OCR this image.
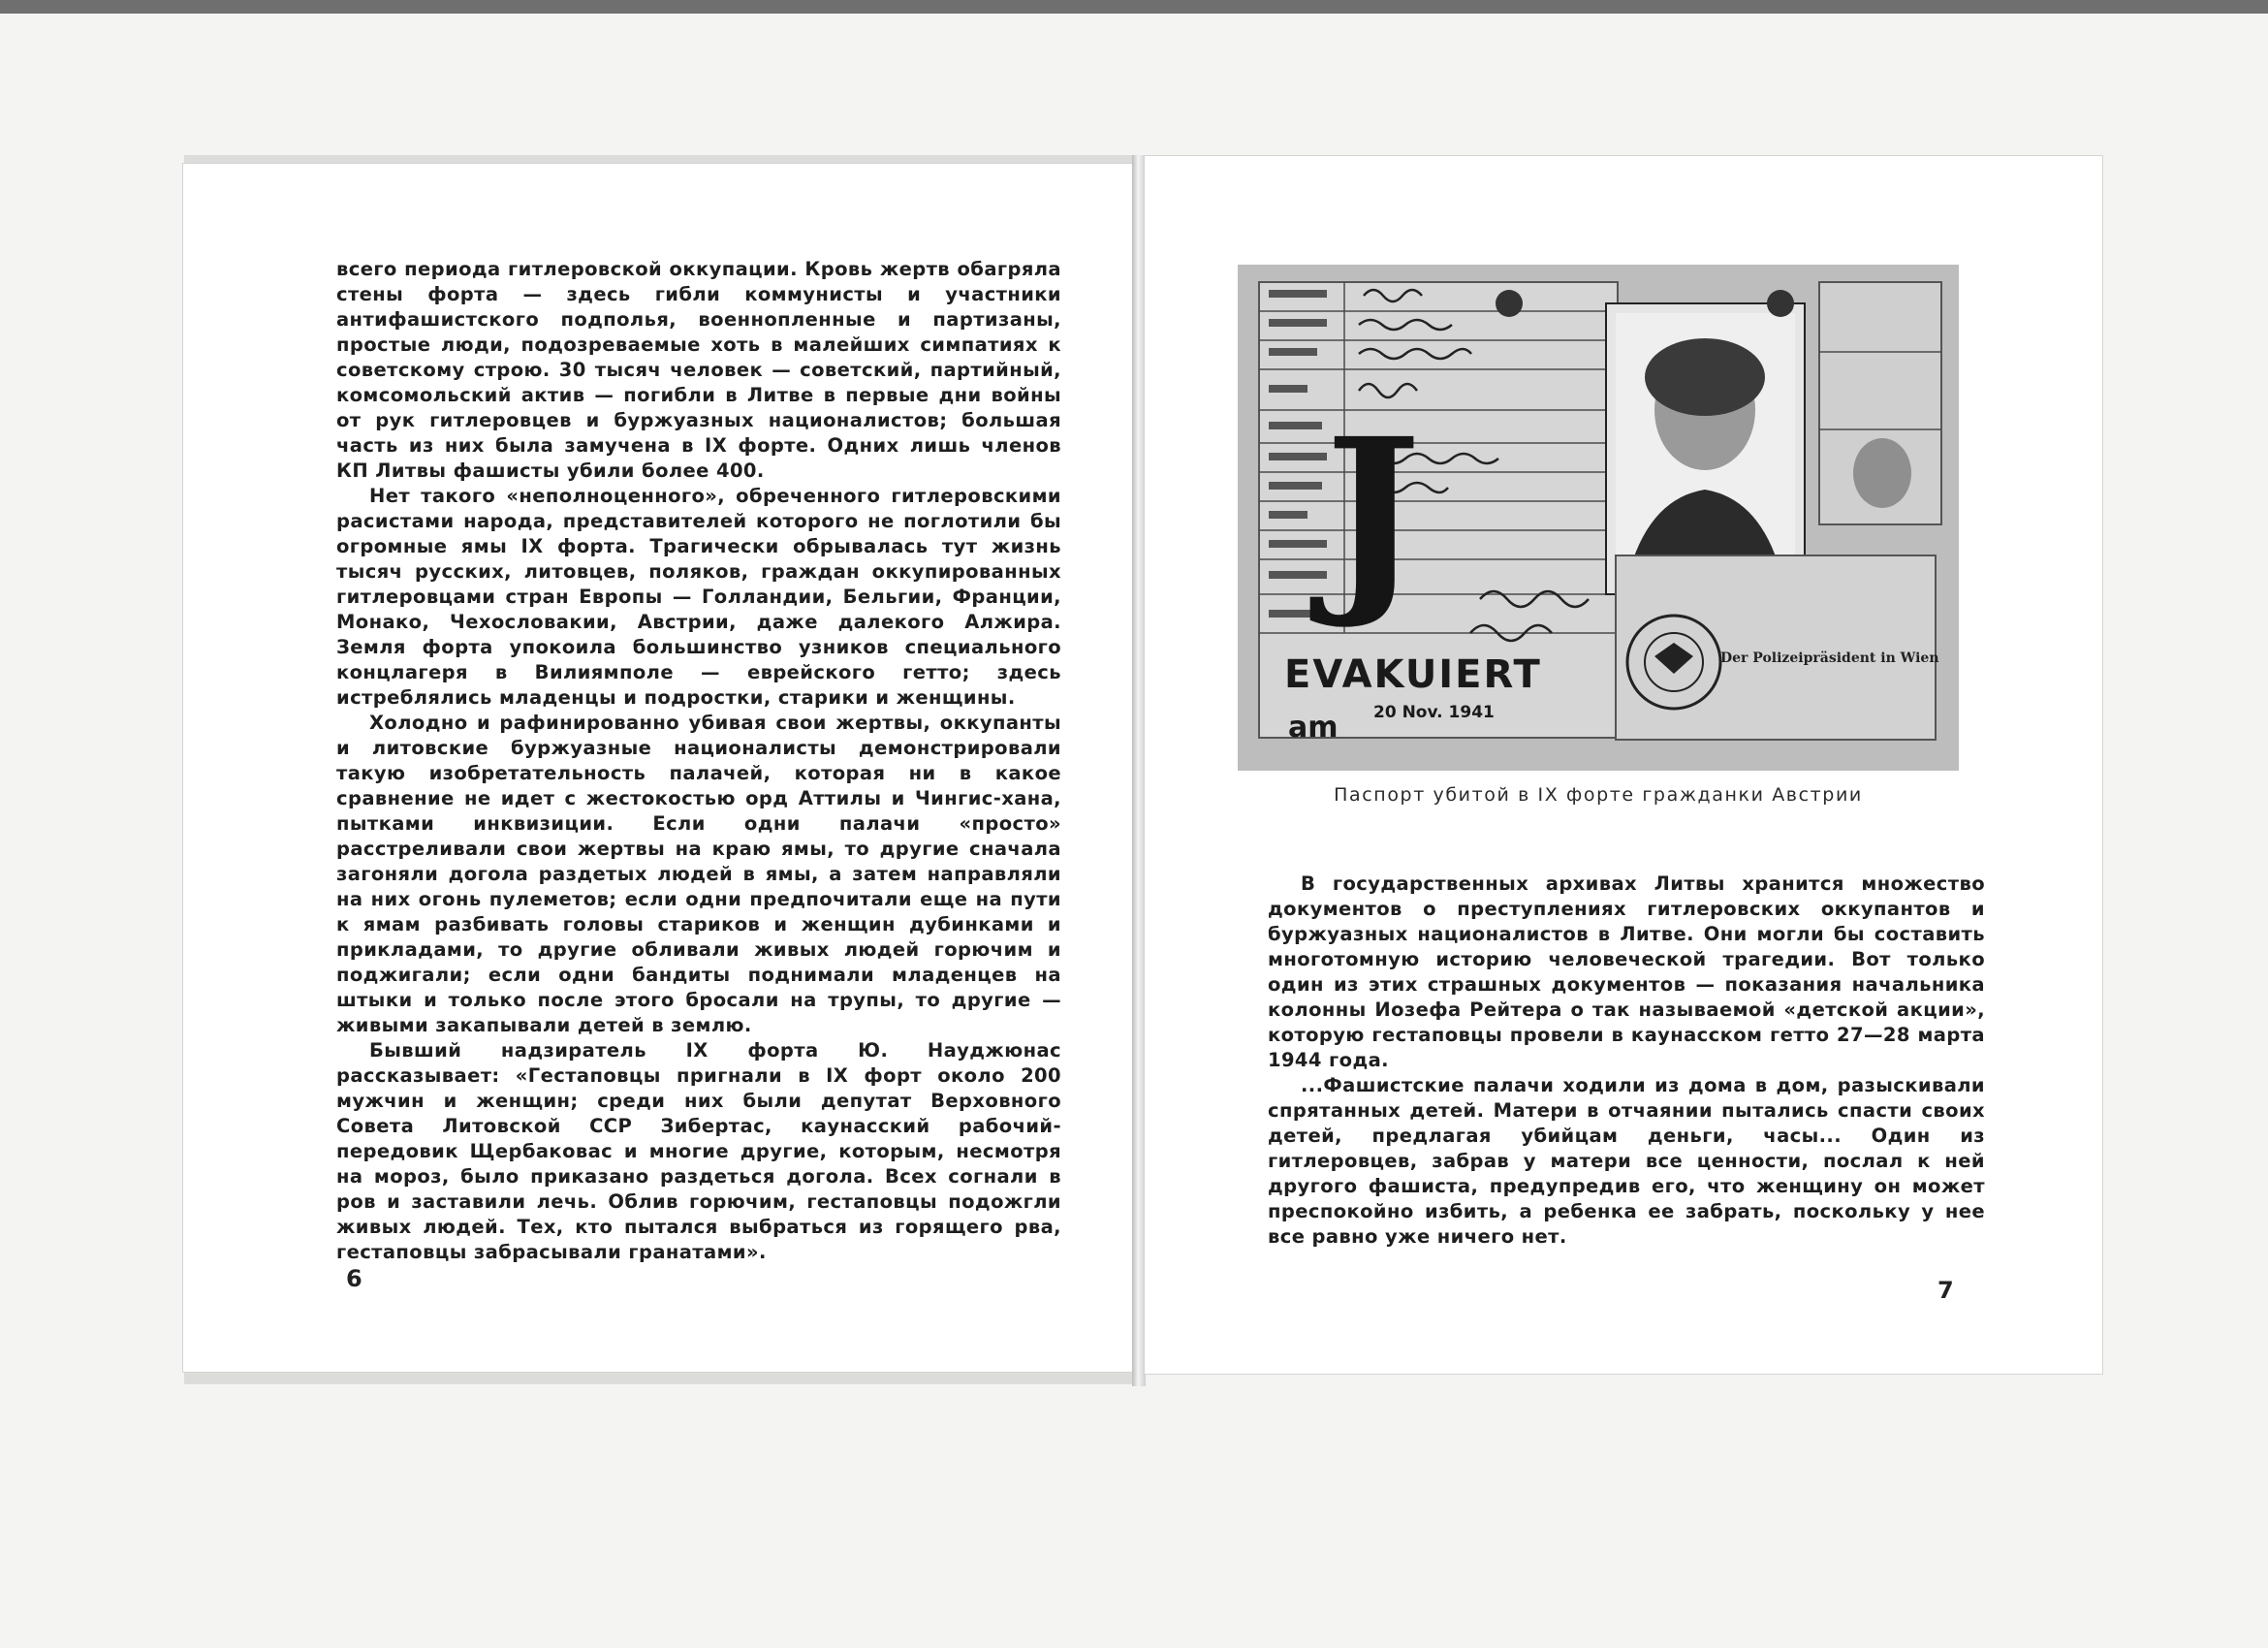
всего периода гитлеровской оккупации. Кровь жертв обагряла стены форта — здесь гибли коммунисты и участники антифашистского подполья, военнопленные и партизаны, простые люди, подозреваемые хоть в малейших симпатиях к советскому строю. 30 тысяч человек — советский, партийный, комсомольский актив — погибли в Литве в первые дни войны от рук гитлеровцев и буржуазных националистов; большая часть из них была замучена в IX форте. Одних лишь членов КП Литвы фашисты убили более 400.

Нет такого «неполноценного», обреченного гитлеровскими расистами народа, представителей которого не поглотили бы огромные ямы IX форта. Трагически обрывалась тут жизнь тысяч русских, литовцев, поляков, граждан оккупированных гитлеровцами стран Европы — Голландии, Бельгии, Франции, Монако, Чехословакии, Австрии, даже далекого Алжира. Земля форта упокоила большинство узников специального концлагеря в Вилиямполе — еврейского гетто; здесь истреблялись младенцы и подростки, старики и женщины.

Холодно и рафинированно убивая свои жертвы, оккупанты и литовские буржуазные националисты демонстрировали такую изобретательность палачей, которая ни в какое сравнение не идет с жестокостью орд Аттилы и Чингис-хана, пытками инквизиции. Если одни палачи «просто» расстреливали свои жертвы на краю ямы, то другие сначала загоняли догола раздетых людей в ямы, а затем направляли на них огонь пулеметов; если одни предпочитали еще на пути к ямам разбивать головы стариков и женщин дубинками и прикладами, то другие обливали живых людей горючим и поджигали; если одни бандиты поднимали младенцев на штыки и только после этого бросали на трупы, то другие — живыми закапывали детей в землю.

Бывший надзиратель IX форта Ю. Науджюнас рассказывает: «Гестаповцы пригнали в IX форт около 200 мужчин и женщин; среди них были депутат Верховного Совета Литовской ССР Зибертас, каунасский рабочий-передовик Щербаковас и многие другие, которым, несмотря на мороз, было приказано раздеться догола. Всех согнали в ров и заставили лечь. Облив горючим, гестаповцы подожгли живых людей. Тех, кто пытался выбраться из горящего рва, гестаповцы забрасывали гранатами».

6
J
EVAKUIERT
20 Nov. 1941
am
Der Polizeipräsident in Wien
Паспорт убитой в IX форте гражданки Австрии

В государственных архивах Литвы хранится множество документов о преступлениях гитлеровских оккупантов и буржуазных националистов в Литве. Они могли бы составить многотомную историю человеческой трагедии. Вот только один из этих страшных документов — показания начальника колонны Иозефа Рейтера о так называемой «детской акции», которую гестаповцы провели в каунасском гетто 27—28 марта 1944 года.

...Фашистские палачи ходили из дома в дом, разыскивали спрятанных детей. Матери в отчаянии пытались спасти своих детей, предлагая убийцам деньги, часы... Один из гитлеровцев, забрав у матери все ценности, послал к ней другого фашиста, предупредив его, что женщину он может преспокойно избить, а ребенка ее забрать, поскольку у нее все равно уже ничего нет.

7
